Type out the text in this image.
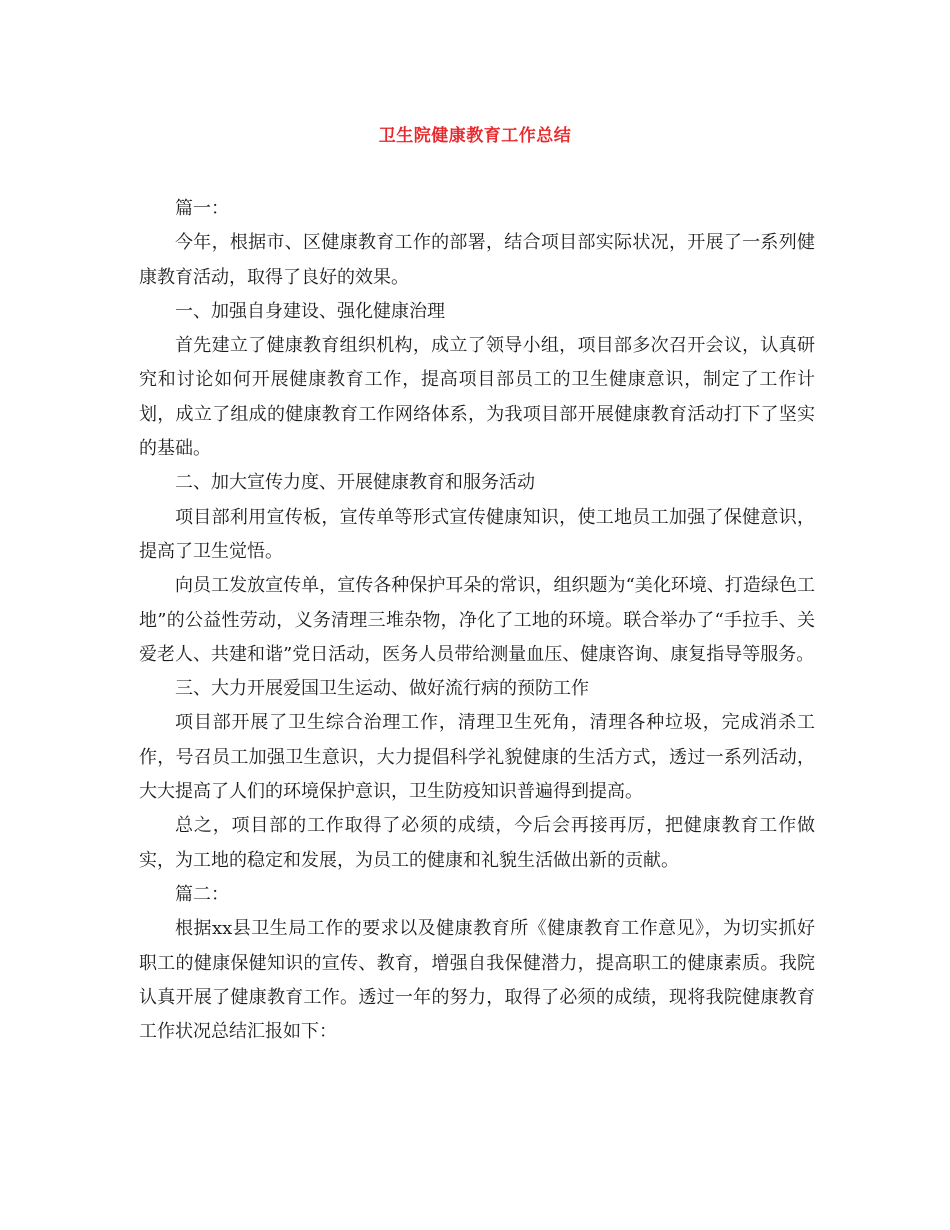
卫生院健康教育工作总结

篇一：

今年，根据市、区健康教育工作的部署，结合项目部实际状况，开展了一系列健康教育活动，取得了良好的效果。

一、加强自身建设、强化健康治理

首先建立了健康教育组织机构，成立了领导小组，项目部多次召开会议，认真研究和讨论如何开展健康教育工作，提高项目部员工的卫生健康意识，制定了工作计划，成立了组成的健康教育工作网络体系，为我项目部开展健康教育活动打下了坚实的基础。

二、加大宣传力度、开展健康教育和服务活动

项目部利用宣传板，宣传单等形式宣传健康知识，使工地员工加强了保健意识，提高了卫生觉悟。

向员工发放宣传单，宣传各种保护耳朵的常识，组织题为“美化环境、打造绿色工地”的公益性劳动，义务清理三堆杂物，净化了工地的环境。联合举办了“手拉手、关爱老人、共建和谐”党日活动，医务人员带给测量血压、健康咨询、康复指导等服务。

三、大力开展爱国卫生运动、做好流行病的预防工作

项目部开展了卫生综合治理工作，清理卫生死角，清理各种垃圾，完成消杀工作，号召员工加强卫生意识，大力提倡科学礼貌健康的生活方式，透过一系列活动，大大提高了人们的环境保护意识，卫生防疫知识普遍得到提高。

总之，项目部的工作取得了必须的成绩，今后会再接再厉，把健康教育工作做实，为工地的稳定和发展，为员工的健康和礼貌生活做出新的贡献。

篇二：

根据xx县卫生局工作的要求以及健康教育所《健康教育工作意见》，为切实抓好职工的健康保健知识的宣传、教育，增强自我保健潜力，提高职工的健康素质。我院认真开展了健康教育工作。透过一年的努力，取得了必须的成绩，现将我院健康教育工作状况总结汇报如下：
